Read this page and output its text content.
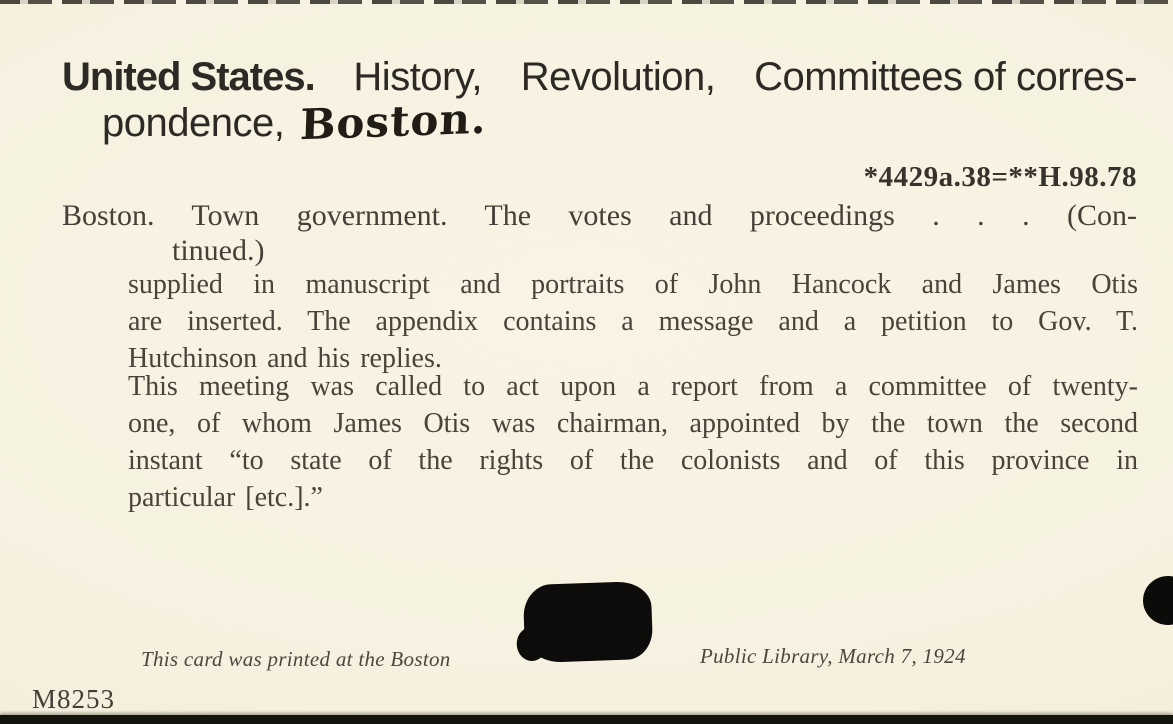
United States. History, Revolution, Committees of corres-
pondence, Boston.
*4429a.38=**H.98.78
Boston. Town government. The votes and proceedings . . . (Con-
tinued.)
supplied in manuscript and portraits of John Hancock and James Otis
are inserted. The appendix contains a message and a petition to Gov. T.
Hutchinson and his replies.
This meeting was called to act upon a report from a committee of twenty-
one, of whom James Otis was chairman, appointed by the town the second
instant “to state of the rights of the colonists and of this province in
particular [etc.].”
This card was printed at the Boston	Public Library, March 7, 1924
M8253
